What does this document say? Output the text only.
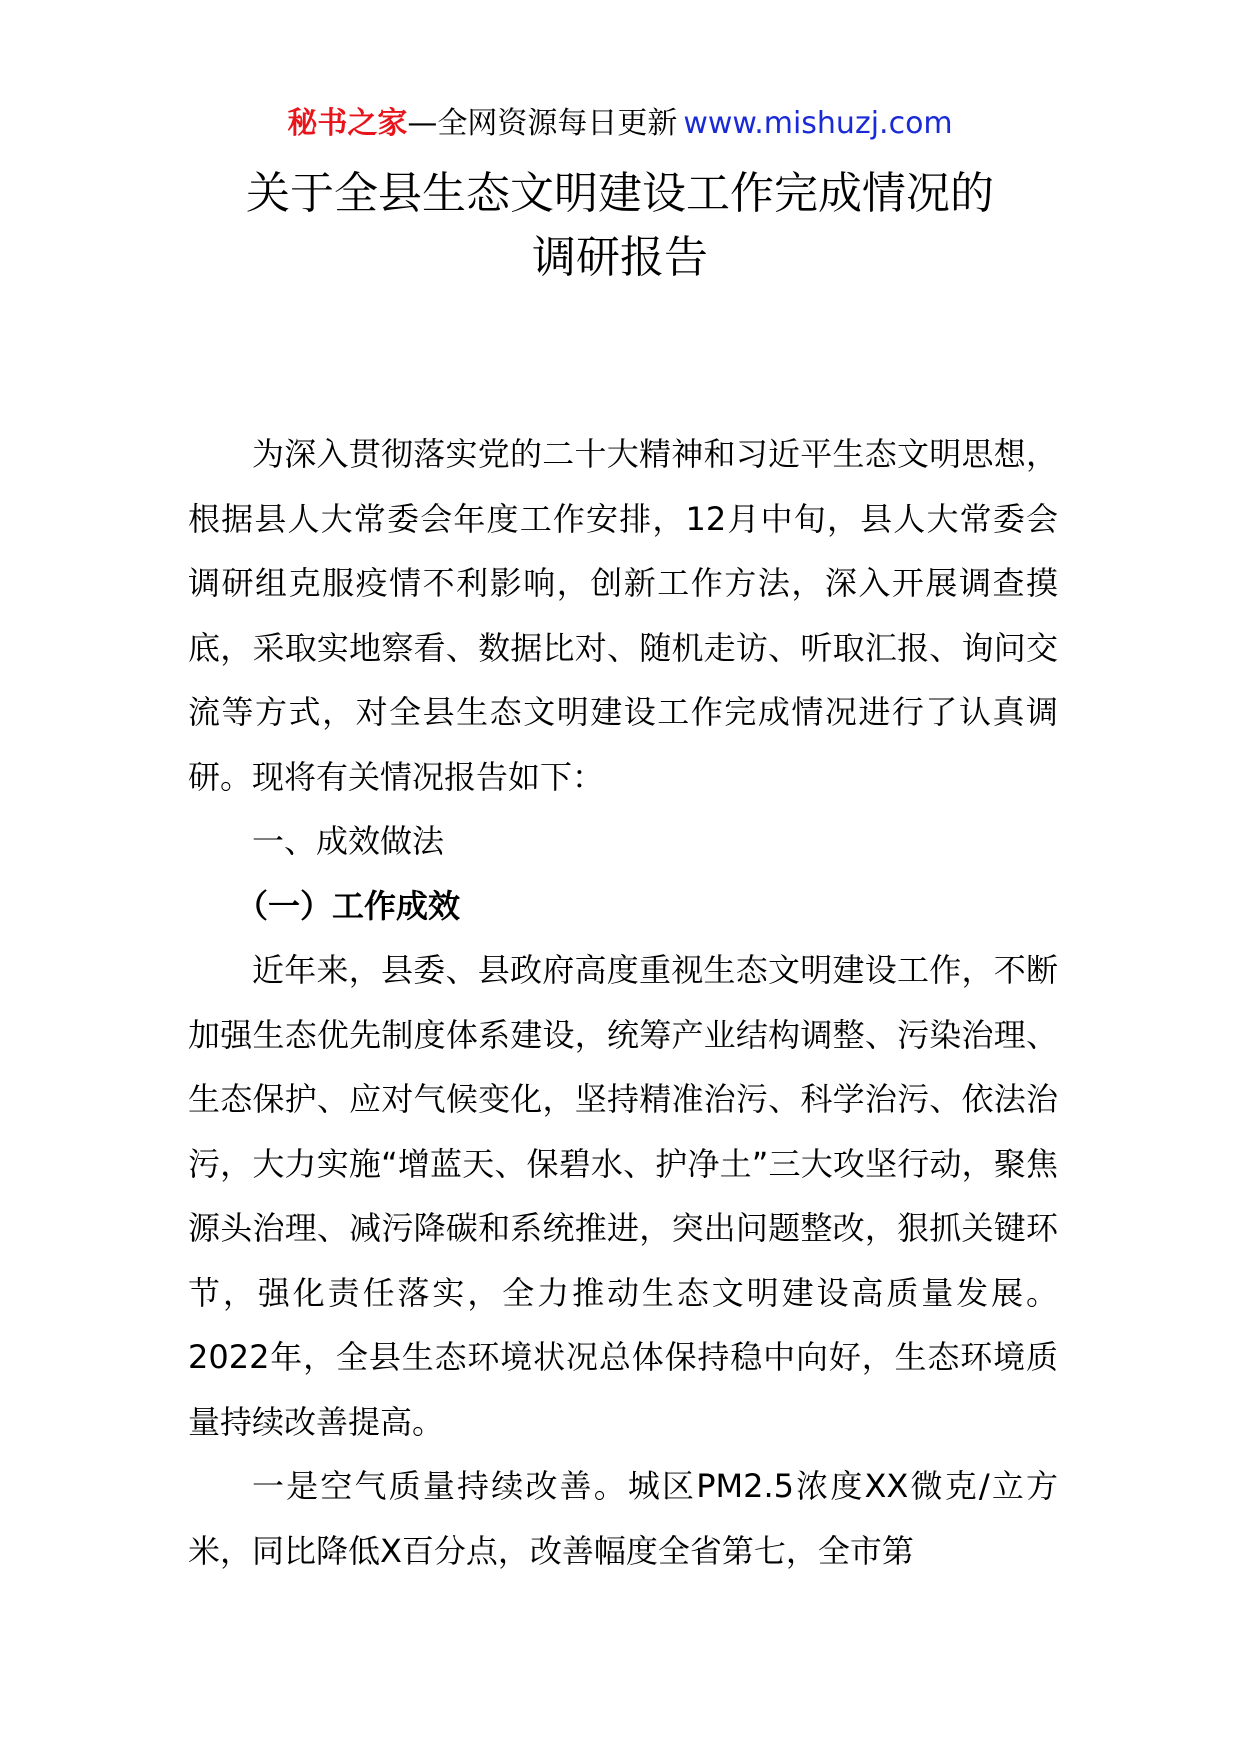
秘书之家—全网资源每日更新 www.mishuzj.com
关于全县生态文明建设工作完成情况的
调研报告

为深入贯彻落实党的二十大精神和习近平生态文明思想，根据县人大常委会年度工作安排，12月中旬，县人大常委会调研组克服疫情不利影响，创新工作方法，深入开展调查摸底，采取实地察看、数据比对、随机走访、听取汇报、询问交流等方式，对全县生态文明建设工作完成情况进行了认真调研。现将有关情况报告如下：

一、成效做法

（一）工作成效

近年来，县委、县政府高度重视生态文明建设工作，不断加强生态优先制度体系建设，统筹产业结构调整、污染治理、生态保护、应对气候变化，坚持精准治污、科学治污、依法治污，大力实施“增蓝天、保碧水、护净土”三大攻坚行动，聚焦源头治理、减污降碳和系统推进，突出问题整改，狠抓关键环节，强化责任落实，全力推动生态文明建设高质量发展。2022年，全县生态环境状况总体保持稳中向好，生态环境质量持续改善提高。

一是空气质量持续改善。城区PM2.5浓度XX微克/立方米，同比降低X百分点，改善幅度全省第七，全市第
